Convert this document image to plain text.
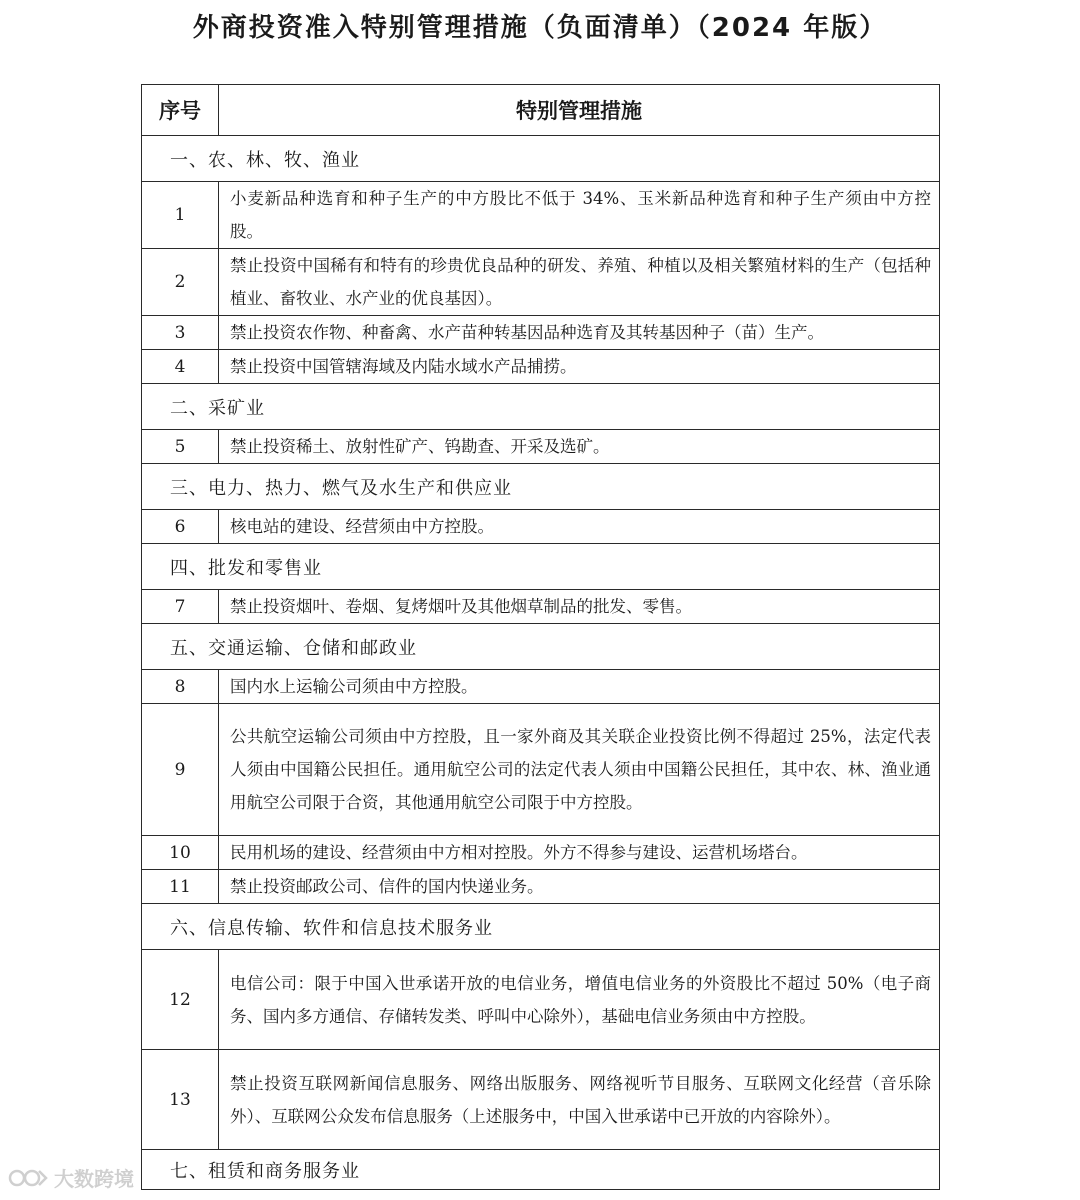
外商投资准入特别管理措施（负面清单）（2024 年版）
序号	特别管理措施
一、农、林、牧、渔业	
1	小麦新品种选育和种子生产的中方股比不低于 34%、玉米新品种选育和种子生产须由中方控股。
2	禁止投资中国稀有和特有的珍贵优良品种的研发、养殖、种植以及相关繁殖材料的生产（包括种植业、畜牧业、水产业的优良基因）。
3	禁止投资农作物、种畜禽、水产苗种转基因品种选育及其转基因种子（苗）生产。
4	禁止投资中国管辖海域及内陆水域水产品捕捞。
二、采矿业	
5	禁止投资稀土、放射性矿产、钨勘查、开采及选矿。
三、电力、热力、燃气及水生产和供应业	
6	核电站的建设、经营须由中方控股。
四、批发和零售业	
7	禁止投资烟叶、卷烟、复烤烟叶及其他烟草制品的批发、零售。
五、交通运输、仓储和邮政业	
8	国内水上运输公司须由中方控股。
9	公共航空运输公司须由中方控股，且一家外商及其关联企业投资比例不得超过 25%，法定代表人须由中国籍公民担任。通用航空公司的法定代表人须由中国籍公民担任，其中农、林、渔业通用航空公司限于合资，其他通用航空公司限于中方控股。
10	民用机场的建设、经营须由中方相对控股。外方不得参与建设、运营机场塔台。
11	禁止投资邮政公司、信件的国内快递业务。
六、信息传输、软件和信息技术服务业	
12	电信公司：限于中国入世承诺开放的电信业务，增值电信业务的外资股比不超过 50%（电子商务、国内多方通信、存储转发类、呼叫中心除外），基础电信业务须由中方控股。
13	禁止投资互联网新闻信息服务、网络出版服务、网络视听节目服务、互联网文化经营（音乐除外）、互联网公众发布信息服务（上述服务中，中国入世承诺中已开放的内容除外）。
七、租赁和商务服务业	
大数跨境
